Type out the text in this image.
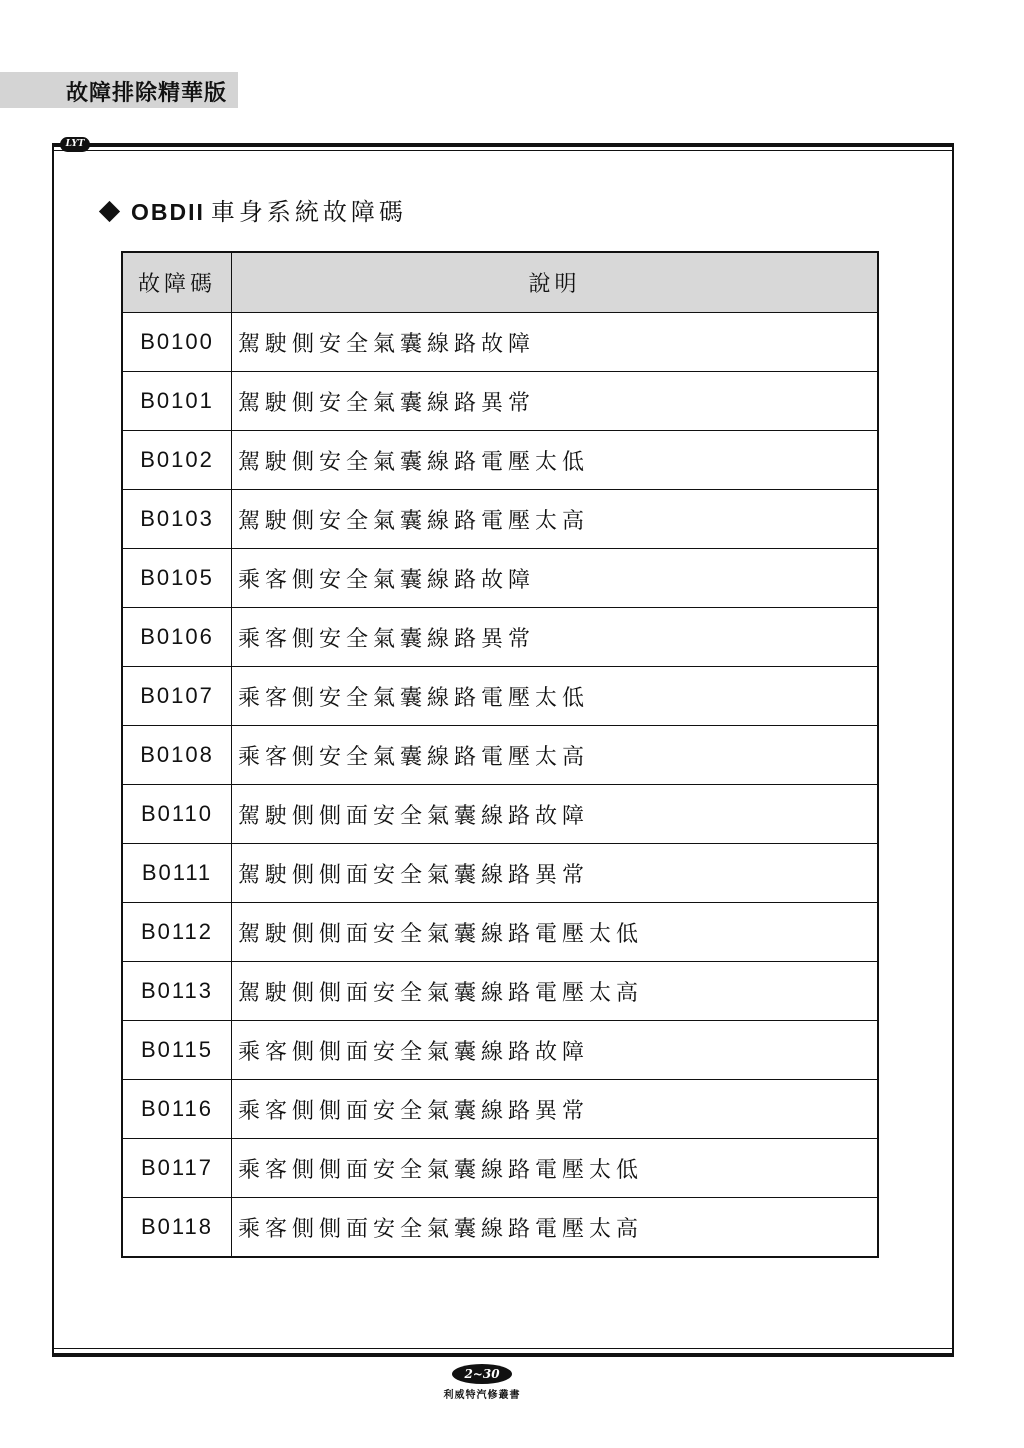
故障排除精華版
LYT
OBDII 車身系統故障碼
故障碼	說明
B0100	駕駛側安全氣囊線路故障
B0101	駕駛側安全氣囊線路異常
B0102	駕駛側安全氣囊線路電壓太低
B0103	駕駛側安全氣囊線路電壓太高
B0105	乘客側安全氣囊線路故障
B0106	乘客側安全氣囊線路異常
B0107	乘客側安全氣囊線路電壓太低
B0108	乘客側安全氣囊線路電壓太高
B0110	駕駛側側面安全氣囊線路故障
B0111	駕駛側側面安全氣囊線路異常
B0112	駕駛側側面安全氣囊線路電壓太低
B0113	駕駛側側面安全氣囊線路電壓太高
B0115	乘客側側面安全氣囊線路故障
B0116	乘客側側面安全氣囊線路異常
B0117	乘客側側面安全氣囊線路電壓太低
B0118	乘客側側面安全氣囊線路電壓太高
2~30
利威特汽修叢書
